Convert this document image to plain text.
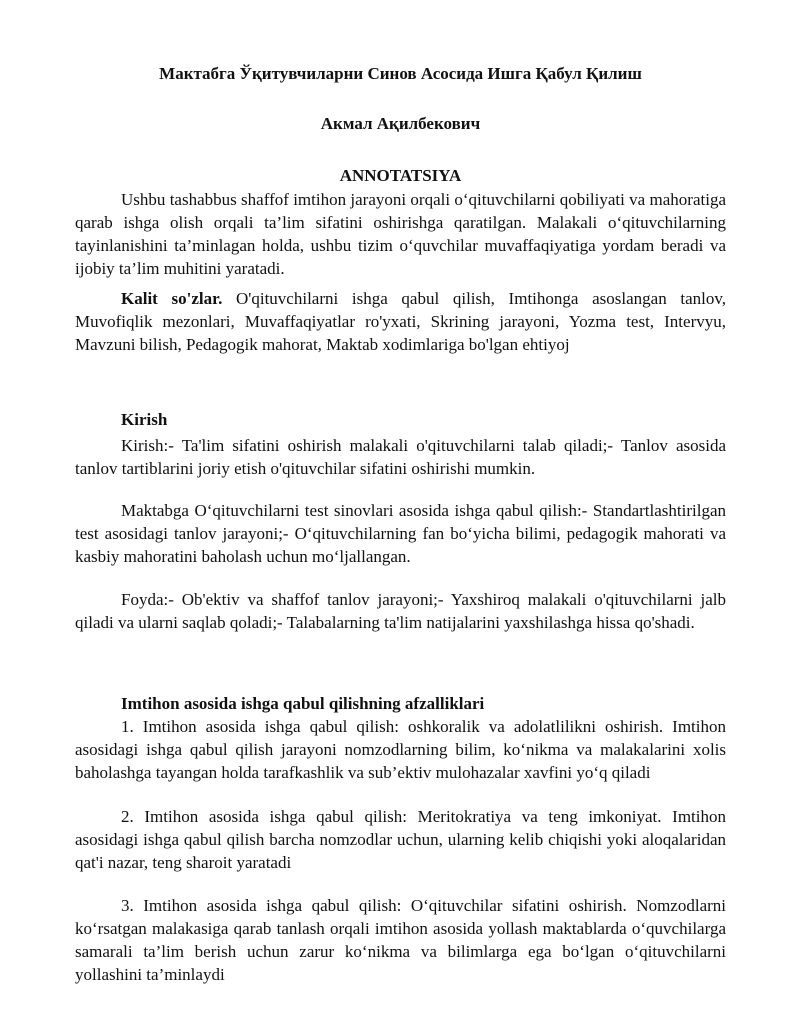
Мактабга Ўқитувчиларни Синов Асосида Ишга Қабул Қилиш
Акмал Ақилбекович
ANNOTATSIYA
Ushbu tashabbus shaffof imtihon jarayoni orqali o‘qituvchilarni qobiliyati va mahoratiga qarab ishga olish orqali ta’lim sifatini oshirishga qaratilgan. Malakali o‘qituvchilarning tayinlanishini ta’minlagan holda, ushbu tizim o‘quvchilar muvaffaqiyatiga yordam beradi va ijobiy ta’lim muhitini yaratadi.
Kalit so'zlar. O'qituvchilarni ishga qabul qilish, Imtihonga asoslangan tanlov, Muvofiqlik mezonlari, Muvaffaqiyatlar ro'yxati, Skrining jarayoni, Yozma test, Intervyu, Mavzuni bilish, Pedagogik mahorat, Maktab xodimlariga bo'lgan ehtiyoj
Kirish
Kirish:- Ta'lim sifatini oshirish malakali o'qituvchilarni talab qiladi;- Tanlov asosida tanlov tartiblarini joriy etish o'qituvchilar sifatini oshirishi mumkin.
Maktabga O‘qituvchilarni test sinovlari asosida ishga qabul qilish:- Standartlashtirilgan test asosidagi tanlov jarayoni;- O‘qituvchilarning fan bo‘yicha bilimi, pedagogik mahorati va kasbiy mahoratini baholash uchun mo‘ljallangan.
Foyda:- Ob'ektiv va shaffof tanlov jarayoni;- Yaxshiroq malakali o'qituvchilarni jalb qiladi va ularni saqlab qoladi;- Talabalarning ta'lim natijalarini yaxshilashga hissa qo'shadi.
Imtihon asosida ishga qabul qilishning afzalliklari
1. Imtihon asosida ishga qabul qilish: oshkoralik va adolatlilikni oshirish. Imtihon asosidagi ishga qabul qilish jarayoni nomzodlarning bilim, ko‘nikma va malakalarini xolis baholashga tayangan holda tarafkashlik va sub’ektiv mulohazalar xavfini yo‘q qiladi
2. Imtihon asosida ishga qabul qilish: Meritokratiya va teng imkoniyat. Imtihon asosidagi ishga qabul qilish barcha nomzodlar uchun, ularning kelib chiqishi yoki aloqalaridan qat'i nazar, teng sharoit yaratadi
3. Imtihon asosida ishga qabul qilish: O‘qituvchilar sifatini oshirish. Nomzodlarni ko‘rsatgan malakasiga qarab tanlash orqali imtihon asosida yollash maktablarda o‘quvchilarga samarali ta’lim berish uchun zarur ko‘nikma va bilimlarga ega bo‘lgan o‘qituvchilarni yollashini ta’minlaydi
